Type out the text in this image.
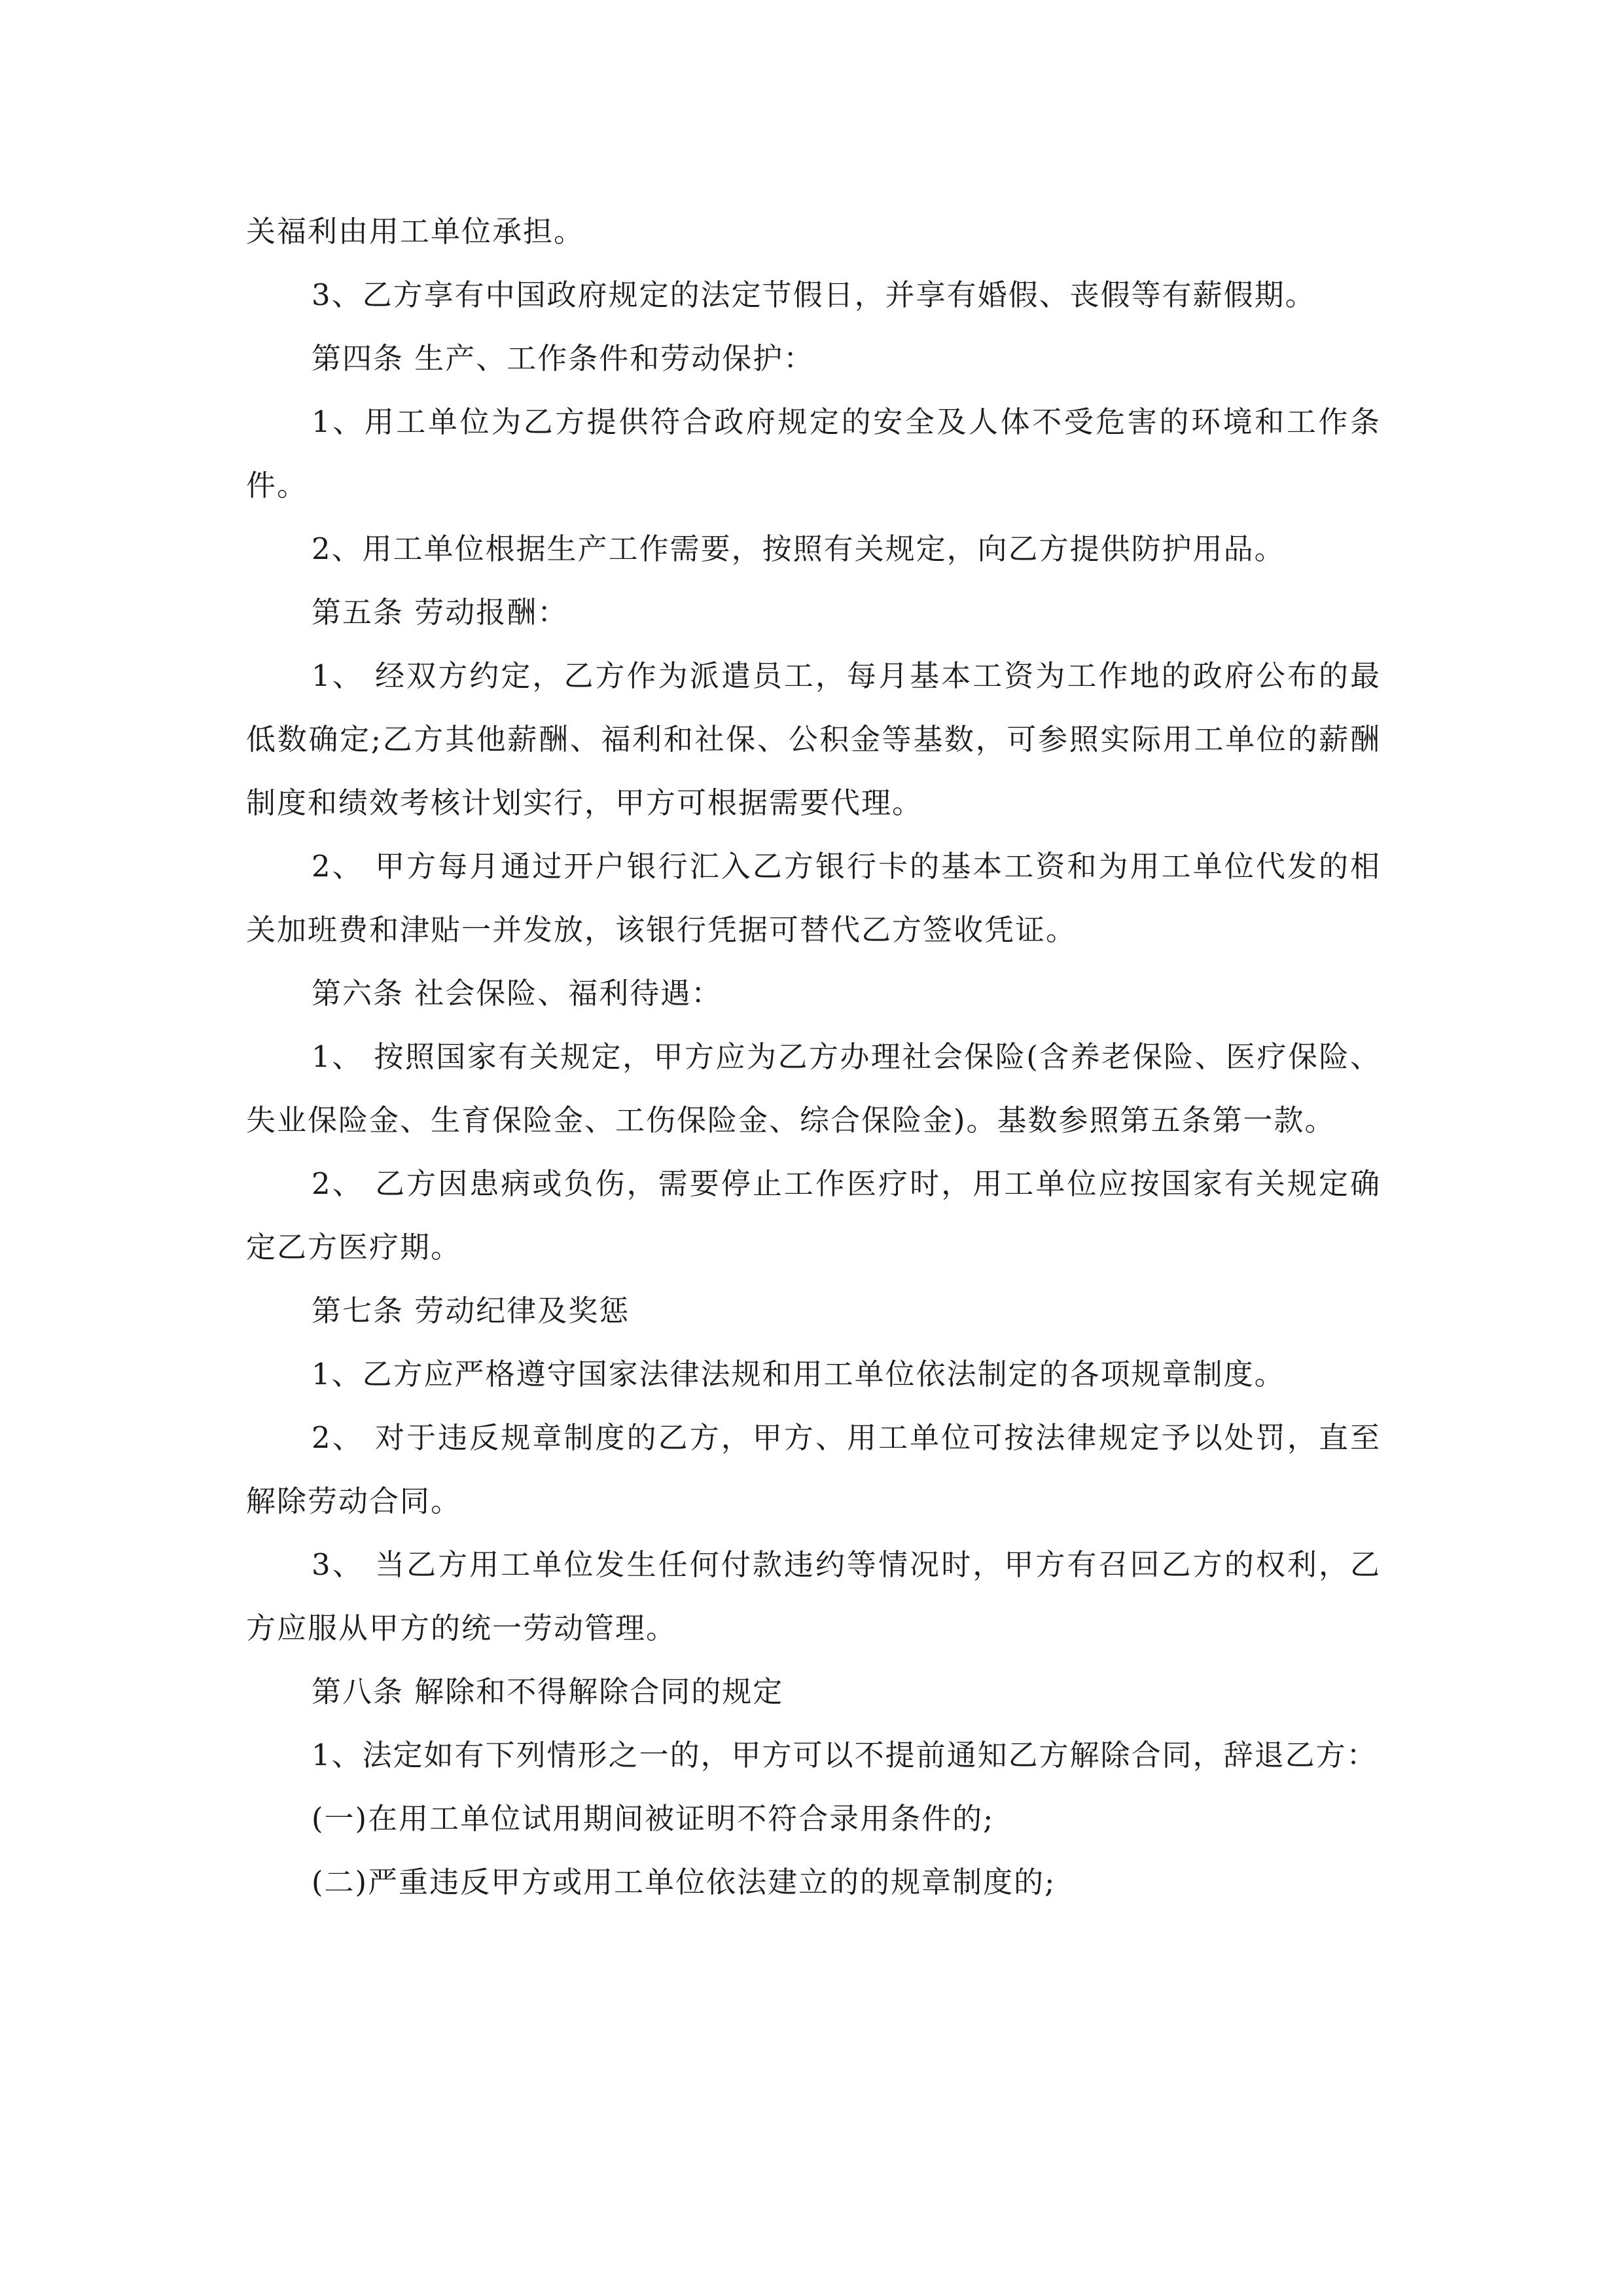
关福利由用工单位承担。

3、乙方享有中国政府规定的法定节假日，并享有婚假、丧假等有薪假期。

第四条 生产、工作条件和劳动保护：

1、用工单位为乙方提供符合政府规定的安全及人体不受危害的环境和工作条件。

2、用工单位根据生产工作需要，按照有关规定，向乙方提供防护用品。

第五条 劳动报酬：

1、 经双方约定，乙方作为派遣员工，每月基本工资为工作地的政府公布的最低数确定;乙方其他薪酬、福利和社保、公积金等基数，可参照实际用工单位的薪酬制度和绩效考核计划实行，甲方可根据需要代理。

2、 甲方每月通过开户银行汇入乙方银行卡的基本工资和为用工单位代发的相关加班费和津贴一并发放，该银行凭据可替代乙方签收凭证。

第六条 社会保险、福利待遇：

1、 按照国家有关规定，甲方应为乙方办理社会保险(含养老保险、医疗保险、失业保险金、生育保险金、工伤保险金、综合保险金)。基数参照第五条第一款。

2、 乙方因患病或负伤，需要停止工作医疗时，用工单位应按国家有关规定确定乙方医疗期。

第七条 劳动纪律及奖惩

1、乙方应严格遵守国家法律法规和用工单位依法制定的各项规章制度。

2、 对于违反规章制度的乙方，甲方、用工单位可按法律规定予以处罚，直至解除劳动合同。

3、 当乙方用工单位发生任何付款违约等情况时，甲方有召回乙方的权利，乙方应服从甲方的统一劳动管理。

第八条 解除和不得解除合同的规定

1、法定如有下列情形之一的，甲方可以不提前通知乙方解除合同，辞退乙方：

(一)在用工单位试用期间被证明不符合录用条件的;

(二)严重违反甲方或用工单位依法建立的的规章制度的;
